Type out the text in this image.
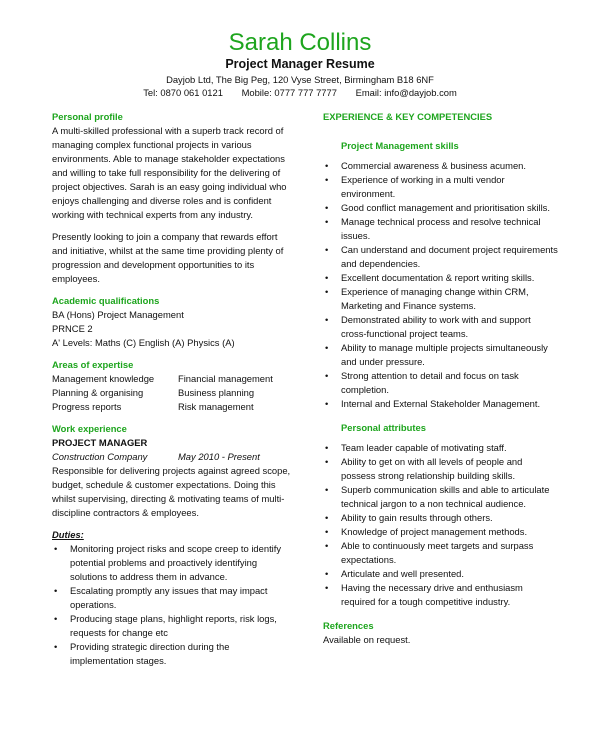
Sarah Collins
Project Manager Resume
Dayjob Ltd, The Big Peg, 120 Vyse Street, Birmingham B18 6NF
Tel: 0870 061 0121 Mobile: 0777 777 7777 Email: info@dayjob.com
Personal profile

A multi-skilled professional with a superb track record of managing complex functional projects in various environments. Able to manage stakeholder expectations and willing to take full responsibility for the delivering of project objectives. Sarah is an easy going individual who enjoys challenging and diverse roles and is confident working with technical experts from any industry.

Presently looking to join a company that rewards effort and initiative, whilst at the same time providing plenty of progression and development opportunities to its employees.

Academic qualifications
BA (Hons) Project Management
PRNCE 2
A' Levels: Maths (C) English (A) Physics (A)
Areas of expertise
Management knowledge	Financial management
Planning & organising	Business planning
Progress reports	Risk management
Work experience
PROJECT MANAGER
Construction Company	May 2010 - Present

Responsible for delivering projects against agreed scope, budget, schedule & customer expectations. Doing this whilst supervising, directing & motivating teams of multi-discipline contractors & employees.

Duties:
• Monitoring project risks and scope creep to identify potential problems and proactively identifying solutions to address them in advance.
• Escalating promptly any issues that may impact operations.
• Producing stage plans, highlight reports, risk logs, requests for change etc
• Providing strategic direction during the implementation stages.
EXPERIENCE & KEY COMPETENCIES
Project Management skills
• Commercial awareness & business acumen.
• Experience of working in a multi vendor environment.
• Good conflict management and prioritisation skills.
• Manage technical process and resolve technical issues.
• Can understand and document project requirements and dependencies.
• Excellent documentation & report writing skills.
• Experience of managing change within CRM, Marketing and Finance systems.
• Demonstrated ability to work with and support cross-functional project teams.
• Ability to manage multiple projects simultaneously and under pressure.
• Strong attention to detail and focus on task completion.
• Internal and External Stakeholder Management.
Personal attributes
• Team leader capable of motivating staff.
• Ability to get on with all levels of people and possess strong relationship building skills.
• Superb communication skills and able to articulate technical jargon to a non technical audience.
• Ability to gain results through others.
• Knowledge of project management methods.
• Able to continuously meet targets and surpass expectations.
• Articulate and well presented.
• Having the necessary drive and enthusiasm required for a tough competitive industry.
References
Available on request.
